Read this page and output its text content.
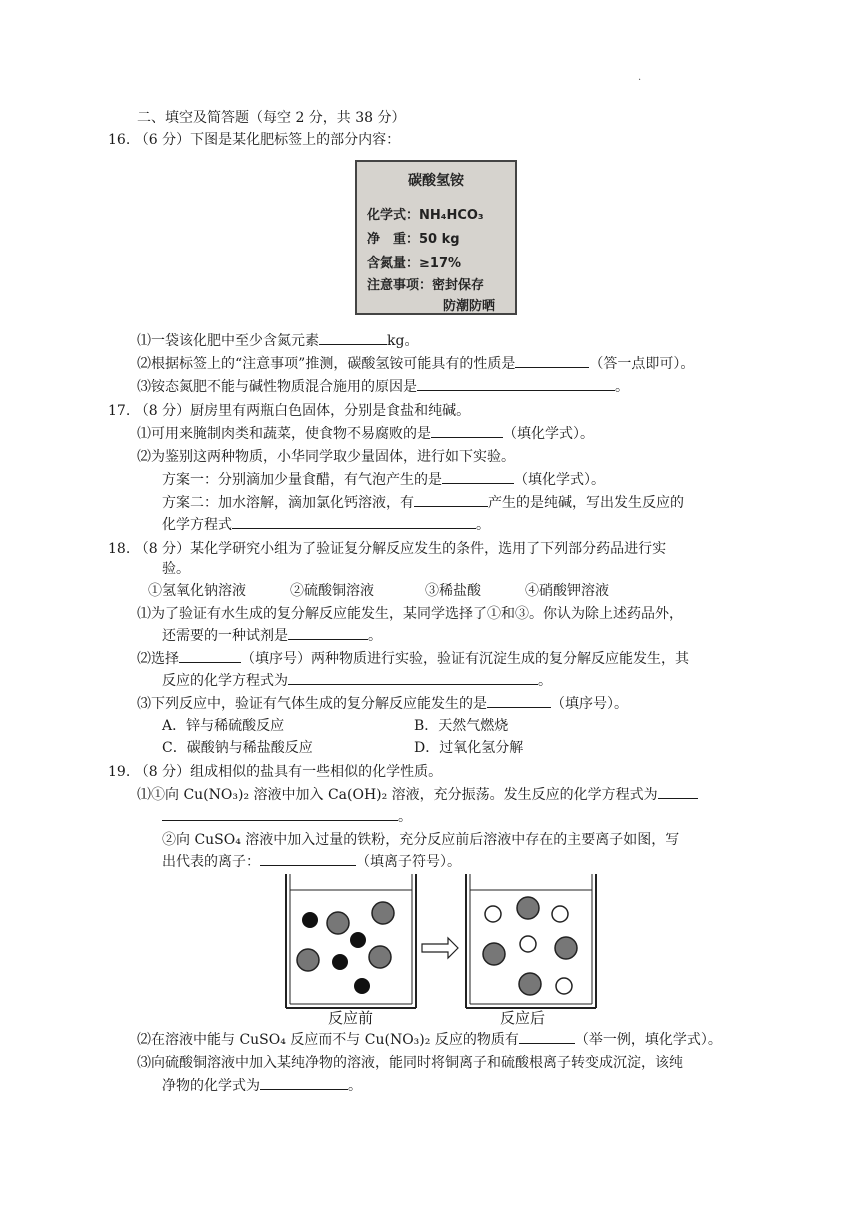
.
二、填空及简答题（每空 2 分，共 38 分）
16. （6 分）下图是某化肥标签上的部分内容：
碳酸氢铵
化学式：NH₄HCO₃
净　重：50 kg
含氮量：≥17%
注意事项：密封保存
防潮防晒
⑴一袋该化肥中至少含氮元素	kg。
⑵根据标签上的“注意事项”推测，碳酸氢铵可能具有的性质是	（答一点即可）。
⑶铵态氮肥不能与碱性物质混合施用的原因是	。
17. （8 分）厨房里有两瓶白色固体，分别是食盐和纯碱。
⑴可用来腌制肉类和蔬菜，使食物不易腐败的是	（填化学式）。
⑵为鉴别这两种物质，小华同学取少量固体，进行如下实验。
方案一：分别滴加少量食醋，有气泡产生的是	（填化学式）。
方案二：加水溶解，滴加氯化钙溶液，有	产生的是纯碱，写出发生反应的
化学方程式	。
18. （8 分）某化学研究小组为了验证复分解反应发生的条件，选用了下列部分药品进行实
验。
①氢氧化钠溶液	②硫酸铜溶液	③稀盐酸	④硝酸钾溶液
⑴为了验证有水生成的复分解反应能发生，某同学选择了①和③。你认为除上述药品外，
还需要的一种试剂是	。
⑵选择	（填序号）两种物质进行实验，验证有沉淀生成的复分解反应能发生，其
反应的化学方程式为	。
⑶下列反应中，验证有气体生成的复分解反应能发生的是	（填序号）。
A．锌与稀硫酸反应	B．天然气燃烧
C．碳酸钠与稀盐酸反应	D．过氧化氢分解
19. （8 分）组成相似的盐具有一些相似的化学性质。
⑴①向 Cu(NO₃)₂ 溶液中加入 Ca(OH)₂ 溶液，充分振荡。发生反应的化学方程式为
。
②向 CuSO₄ 溶液中加入过量的铁粉，充分反应前后溶液中存在的主要离子如图，写
出代表的离子：	（填离子符号）。
反应前	反应后
⑵在溶液中能与 CuSO₄ 反应而不与 Cu(NO₃)₂ 反应的物质有	（举一例，填化学式）。
⑶向硫酸铜溶液中加入某纯净物的溶液，能同时将铜离子和硫酸根离子转变成沉淀，该纯
净物的化学式为	。
